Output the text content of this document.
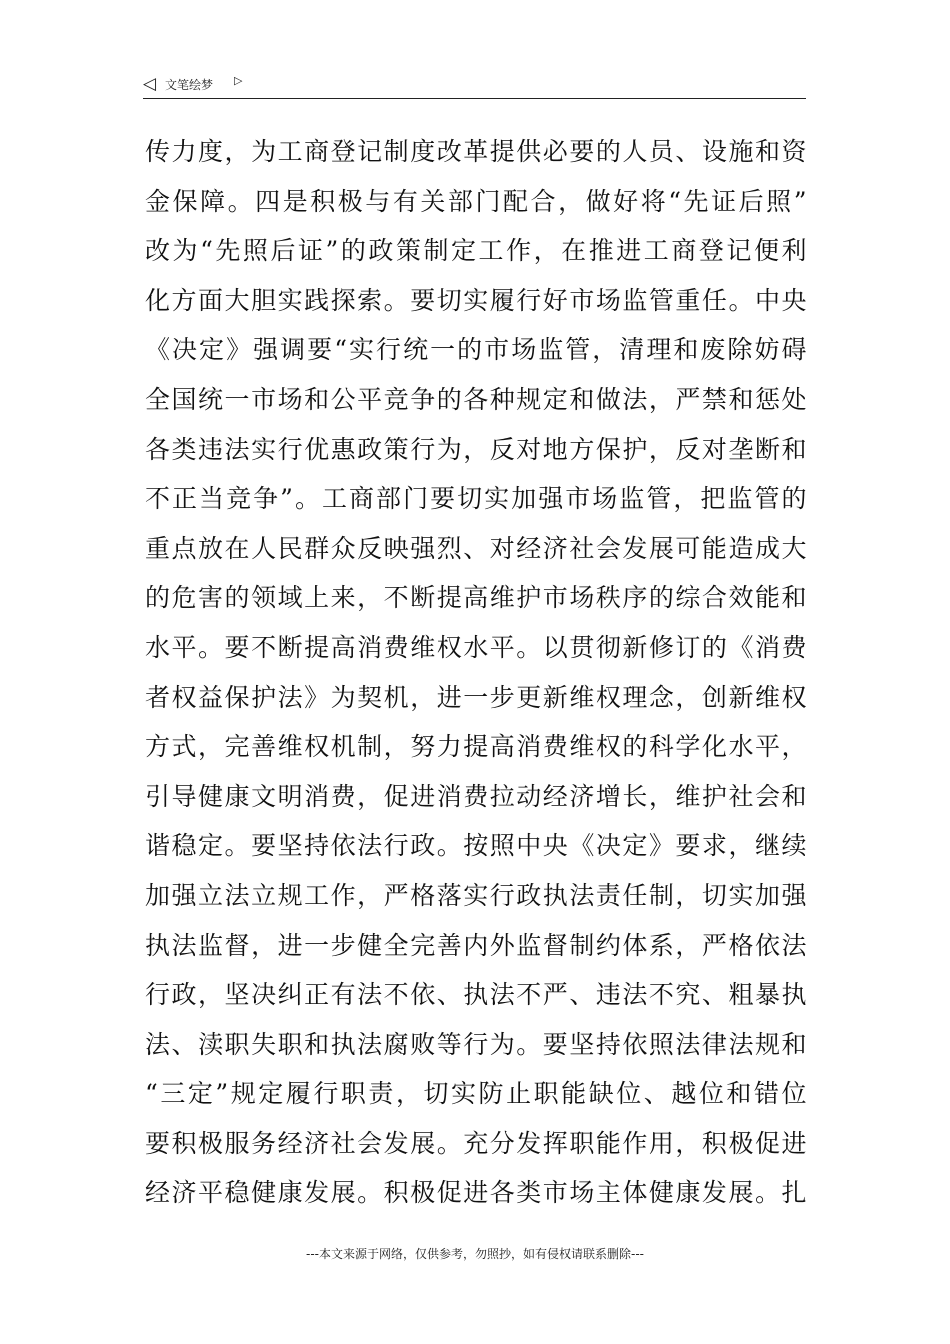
◁ 文笔绘梦 ▷
传力度，为工商登记制度改革提供必要的人员、设施和资
金保障。四是积极与有关部门配合，做好将“先证后照”
改为“先照后证”的政策制定工作，在推进工商登记便利
化方面大胆实践探索。要切实履行好市场监管重任。中央
《决定》强调要“实行统一的市场监管，清理和废除妨碍
全国统一市场和公平竞争的各种规定和做法，严禁和惩处
各类违法实行优惠政策行为，反对地方保护，反对垄断和
不正当竞争”。工商部门要切实加强市场监管，把监管的
重点放在人民群众反映强烈、对经济社会发展可能造成大
的危害的领域上来，不断提高维护市场秩序的综合效能和
水平。要不断提高消费维权水平。以贯彻新修订的《消费
者权益保护法》为契机，进一步更新维权理念，创新维权
方式，完善维权机制，努力提高消费维权的科学化水平，
引导健康文明消费，促进消费拉动经济增长，维护社会和
谐稳定。要坚持依法行政。按照中央《决定》要求，继续
加强立法立规工作，严格落实行政执法责任制，切实加强
执法监督，进一步健全完善内外监督制约体系，严格依法
行政，坚决纠正有法不依、执法不严、违法不究、粗暴执
法、渎职失职和执法腐败等行为。要坚持依照法律法规和
“三定”规定履行职责，切实防止职能缺位、越位和错位
要积极服务经济社会发展。充分发挥职能作用，积极促进
经济平稳健康发展。积极促进各类市场主体健康发展。扎
---本文来源于网络，仅供参考，勿照抄，如有侵权请联系删除---
